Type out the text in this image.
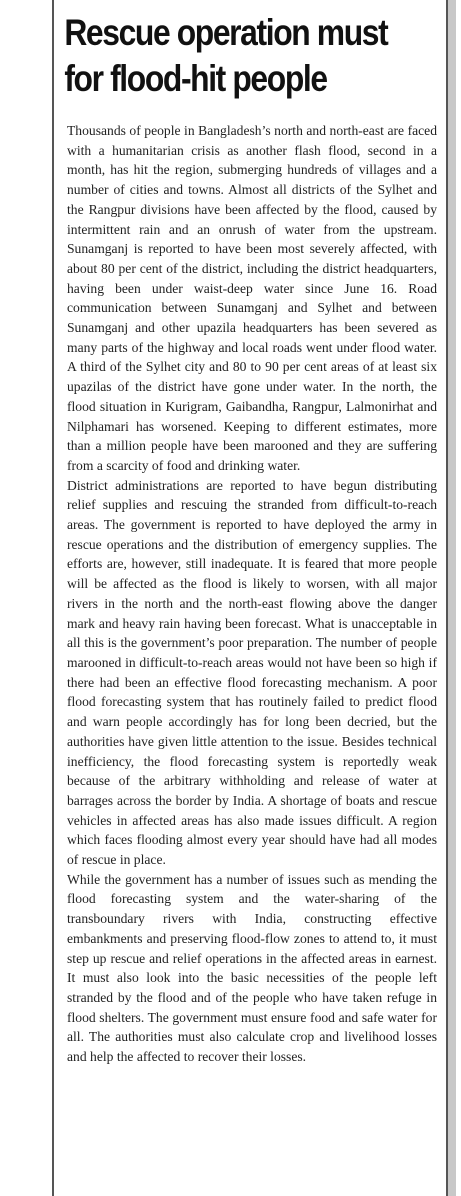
Rescue operation must
for flood-hit people

Thousands of people in Bangladesh’s north and north-east are faced with a humanitarian crisis as another flash flood, second in a month, has hit the region, submerging hundreds of villages and a number of cities and towns. Almost all districts of the Sylhet and the Rangpur divisions have been affected by the flood, caused by intermittent rain and an onrush of water from the upstream. Sunamganj is reported to have been most severely affected, with about 80 per cent of the district, including the district headquarters, having been under waist-deep water since June 16. Road communication between Sunamganj and Sylhet and between Sunamganj and other upazila headquarters has been severed as many parts of the highway and local roads went under flood water. A third of the Sylhet city and 80 to 90 per cent areas of at least six upazilas of the district have gone under water. In the north, the flood situation in Kurigram, Gaibandha, Rangpur, Lalmonirhat and Nilphamari has worsened. Keeping to different estimates, more than a million people have been marooned and they are suffering from a scarcity of food and drinking water.

District administrations are reported to have begun distributing relief supplies and rescuing the stranded from difficult-to-reach areas. The government is reported to have deployed the army in rescue operations and the distribution of emergency supplies. The efforts are, however, still inadequate. It is feared that more people will be affected as the flood is likely to worsen, with all major rivers in the north and the north-east flowing above the danger mark and heavy rain having been forecast. What is unacceptable in all this is the government’s poor preparation. The number of people marooned in difficult-to-reach areas would not have been so high if there had been an effective flood forecasting mechanism. A poor flood forecasting system that has routinely failed to predict flood and warn people accordingly has for long been decried, but the authorities have given little attention to the issue. Besides technical inefficiency, the flood forecasting system is reportedly weak because of the arbitrary withholding and release of water at barrages across the border by India. A shortage of boats and rescue vehicles in affected areas has also made issues difficult. A region which faces flooding almost every year should have had all modes of rescue in place.

While the government has a number of issues such as mending the flood forecasting system and the water-sharing of the transboundary rivers with India, constructing effective embankments and preserving flood-flow zones to attend to, it must step up rescue and relief operations in the affected areas in earnest. It must also look into the basic necessities of the people left stranded by the flood and of the people who have taken refuge in flood shelters. The government must ensure food and safe water for all. The authorities must also calculate crop and livelihood losses and help the affected to recover their losses.
